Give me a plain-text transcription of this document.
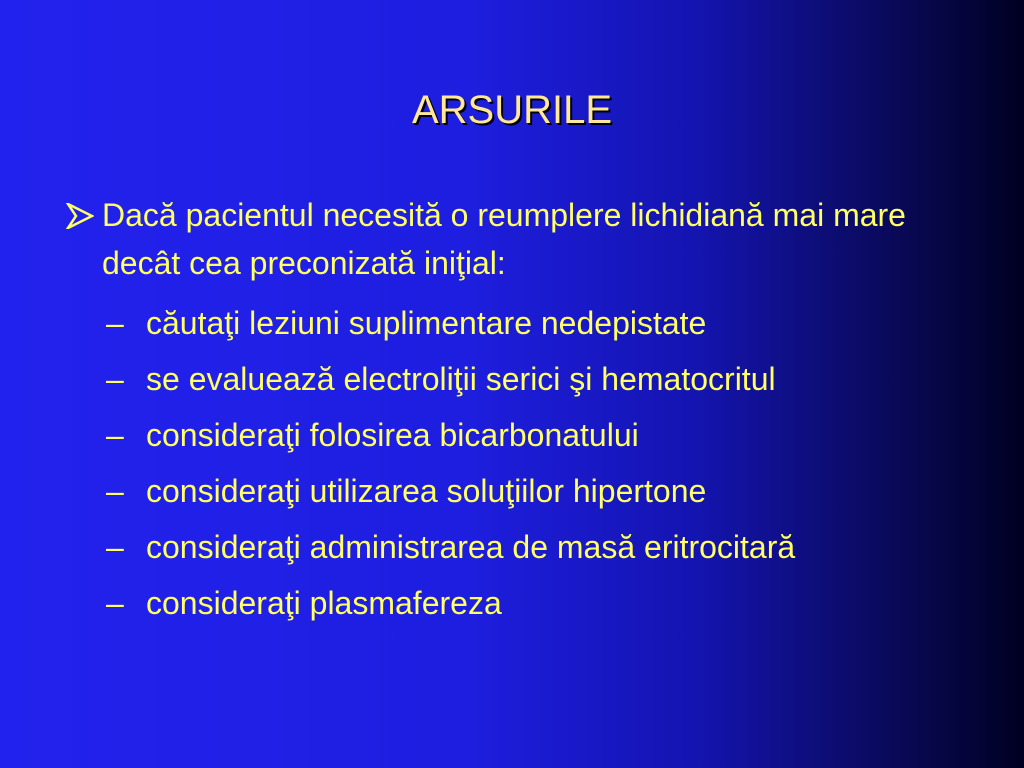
ARSURILE
Dacă pacientul necesită o reumplere lichidiană mai mare decât cea preconizată iniţial:
– căutaţi leziuni suplimentare nedepistate
– se evaluează electroliţii serici şi hematocritul
– consideraţi folosirea bicarbonatului
– consideraţi utilizarea soluţiilor hipertone
– consideraţi administrarea de masă eritrocitară
– consideraţi plasmafereza
